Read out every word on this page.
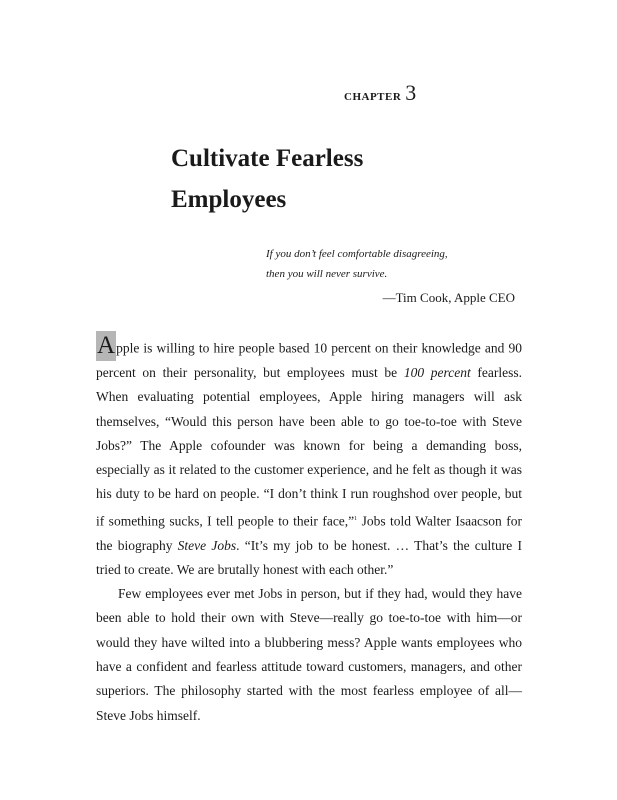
CHAPTER 3
Cultivate Fearless
Employees
If you don’t feel comfortable disagreeing,
then you will never survive.
—Tim Cook, Apple CEO

Apple is willing to hire people based 10 percent on their knowledge and 90 percent on their personality, but employees must be 100 percent fearless. When evaluating potential employees, Apple hiring managers will ask themselves, “Would this person have been able to go toe-to-toe with Steve Jobs?” The Apple cofounder was known for being a demanding boss, especially as it related to the customer experience, and he felt as though it was his duty to be hard on people. “I don’t think I run roughshod over people, but if something sucks, I tell people to their face,”$^1$ Jobs told Walter Isaacson for the biography Steve Jobs. “It’s my job to be honest. … That’s the culture I tried to create. We are brutally honest with each other.”

Few employees ever met Jobs in person, but if they had, would they have been able to hold their own with Steve—really go toe-to-toe with him—or would they have wilted into a blubbering mess? Apple wants employees who have a confident and fearless attitude toward customers, managers, and other superiors. The philosophy started with the most fearless employee of all—Steve Jobs himself.
